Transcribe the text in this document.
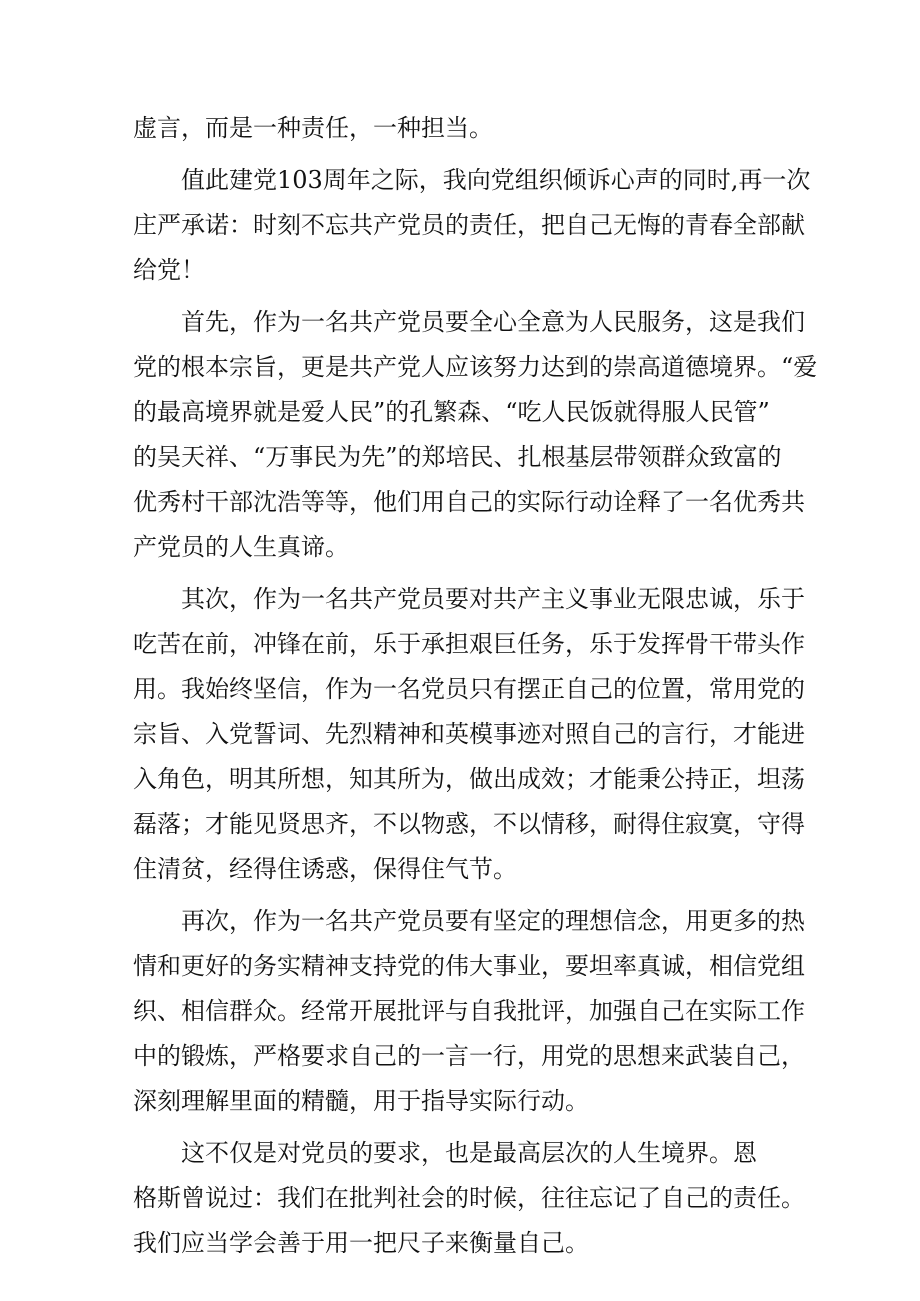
虚言，而是一种责任，一种担当。
值此建党103周年之际，我向党组织倾诉心声的同时,再一次
庄严承诺：时刻不忘共产党员的责任，把自己无悔的青春全部献
给党！
首先，作为一名共产党员要全心全意为人民服务，这是我们
党的根本宗旨，更是共产党人应该努力达到的崇高道德境界。“爱
的最高境界就是爱人民”的孔繁森、“吃人民饭就得服人民管”
的吴天祥、“万事民为先”的郑培民、扎根基层带领群众致富的
优秀村干部沈浩等等，他们用自己的实际行动诠释了一名优秀共
产党员的人生真谛。
其次，作为一名共产党员要对共产主义事业无限忠诚，乐于
吃苦在前，冲锋在前，乐于承担艰巨任务，乐于发挥骨干带头作
用。我始终坚信，作为一名党员只有摆正自己的位置，常用党的
宗旨、入党誓词、先烈精神和英模事迹对照自己的言行，才能进
入角色，明其所想，知其所为，做出成效；才能秉公持正，坦荡
磊落；才能见贤思齐，不以物惑，不以情移，耐得住寂寞，守得
住清贫，经得住诱惑，保得住气节。
再次，作为一名共产党员要有坚定的理想信念，用更多的热
情和更好的务实精神支持党的伟大事业，要坦率真诚，相信党组
织、相信群众。经常开展批评与自我批评，加强自己在实际工作
中的锻炼，严格要求自己的一言一行，用党的思想来武装自己，
深刻理解里面的精髓，用于指导实际行动。
这不仅是对党员的要求，也是最高层次的人生境界。恩
格斯曾说过：我们在批判社会的时候，往往忘记了自己的责任。
我们应当学会善于用一把尺子来衡量自己。
